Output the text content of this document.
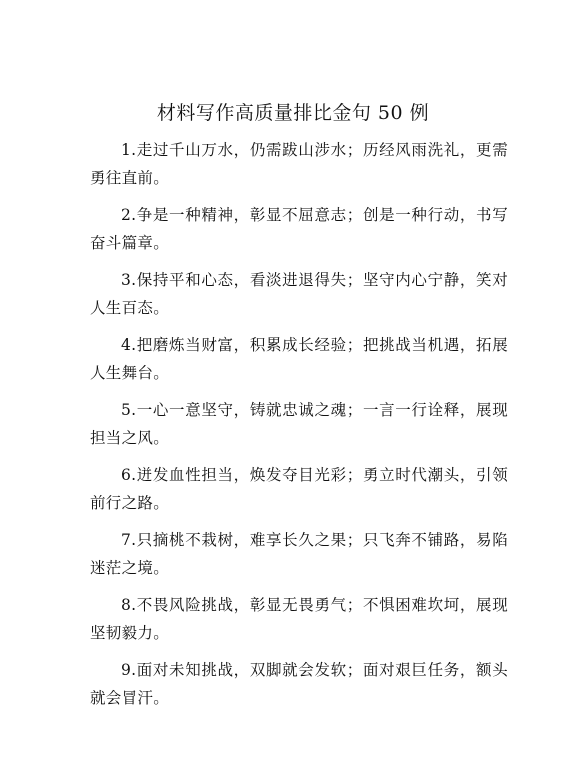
材料写作高质量排比金句 50 例
1.走过千山万水，仍需跋山涉水；历经风雨洗礼，更需勇往直前。
2.争是一种精神，彰显不屈意志；创是一种行动，书写奋斗篇章。
3.保持平和心态，看淡进退得失；坚守内心宁静，笑对人生百态。
4.把磨炼当财富，积累成长经验；把挑战当机遇，拓展人生舞台。
5.一心一意坚守，铸就忠诚之魂；一言一行诠释，展现担当之风。
6.迸发血性担当，焕发夺目光彩；勇立时代潮头，引领前行之路。
7.只摘桃不栽树，难享长久之果；只飞奔不铺路，易陷迷茫之境。
8.不畏风险挑战，彰显无畏勇气；不惧困难坎坷，展现坚韧毅力。
9.面对未知挑战，双脚就会发软；面对艰巨任务，额头就会冒汗。
